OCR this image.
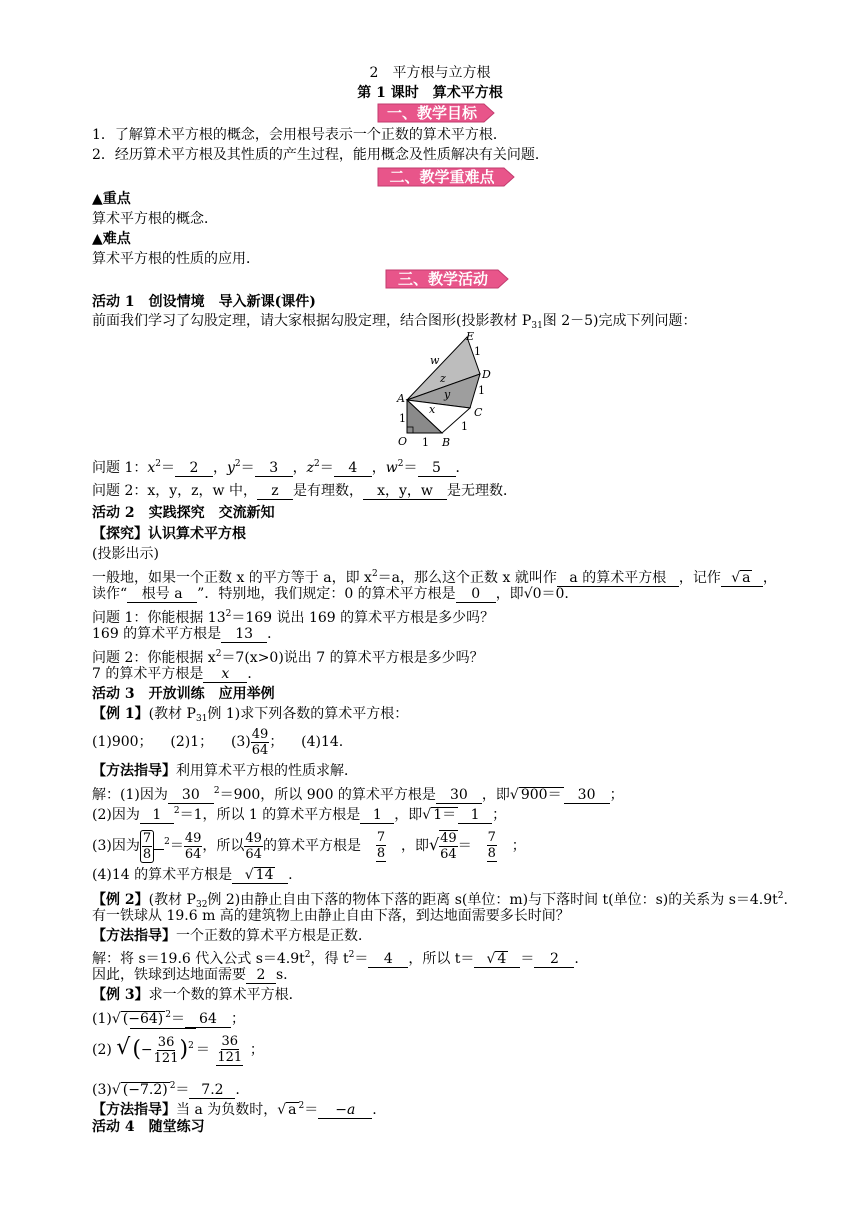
2　平方根与立方根
第 1 课时　算术平方根
一、教学目标
1．了解算术平方根的概念，会用根号表示一个正数的算术平方根．
2．经历算术平方根及其性质的产生过程，能用概念及性质解决有关问题．
二、教学重难点
▲重点
算术平方根的概念．
▲难点
算术平方根的性质的应用．
三、教学活动
活动 1　创设情境　导入新课(课件)
前面我们学习了勾股定理，请大家根据勾股定理，结合图形(投影教材 $P_{31}$图 2－5)完成下列问题：
E
w
1
D
z
1
A	y
C
1
x
1
O 1 B
问题 1：$x^2= 2$ ，$y^2= 3$ ，$z^2= 4$ ，$w^2= 5$ ．
问题 2：x，y，z，w 中， z 是有理数， x，y，w 是无理数．
活动 2　实践探究　交流新知
【探究】认识算术平方根
(投影出示)
一般地，如果一个正数 x 的平方等于 a，即 $x^2=a$，那么这个正数 x 就叫作 a 的算术平方根 ，记作 √ a ，
读作“ 根号 a ”．特别地，我们规定：0 的算术平方根是 0 ，即√0＝0.
问题 1：你能根据 $13^2=169$ 说出 169 的算术平方根是多少吗？
169 的算术平方根是 13 ．
问题 2：你能根据 $x^2=7(x>0)$说出 7 的算术平方根是多少吗？
7 的算术平方根是 x ．
活动 3　开放训练　应用举例
【例 1】(教材 $P_{31}$例 1)求下列各数的算术平方根：
(1)900； (2)1； $(3) \frac{49}{64}$ ；    (4)14.
【方法指导】利用算术平方根的性质求解．
解：(1)因为 30 $^2$＝900，所以 900 的算术平方根是 30 ，即√ 900＝ 30 ；
(2)因为 1 $^2$＝1，所以 1 的算术平方根是 1 ，即√ 1＝ 1 ；
(3)因为 $\frac{7}{8} ^2= \frac{49}{64}$ ，所以 $\frac{49}{64}$ 的算术平方根是 $\frac{7}{8}$ ，即√ $\frac{49}{64} = \frac{7}{8}$ ；
(4)14 的算术平方根是 √ 14 .
【例 2】(教材 $P_{32}$例 2)由静止自由下落的物体下落的距离 s(单位：m)与下落时间 t(单位：s)的关系为 $s=4.9t^2$.
有一铁球从 19.6 m 高的建筑物上由静止自由下落，到达地面需要多长时间？
【方法指导】一个正数的算术平方根是正数．
解：将 s＝19.6 代入公式 $s=4.9t^2$，得 $t^2= 4$ ，所以 t＝ √ 4 ＝ 2 .
因此，铁球到达地面需要 2 s.
【例 3】求一个数的算术平方根．
(1)√ (−64) $^2$＝ 64 ；
(2) √(− $\frac{36}{121} )^2 = \frac{36}{121}$ ；
(3)√ (−7.2) $^2$＝ 7.2 .
【方法指导】当 a 为负数时，√ a $^2$＝ −a .
活动 4　随堂练习
